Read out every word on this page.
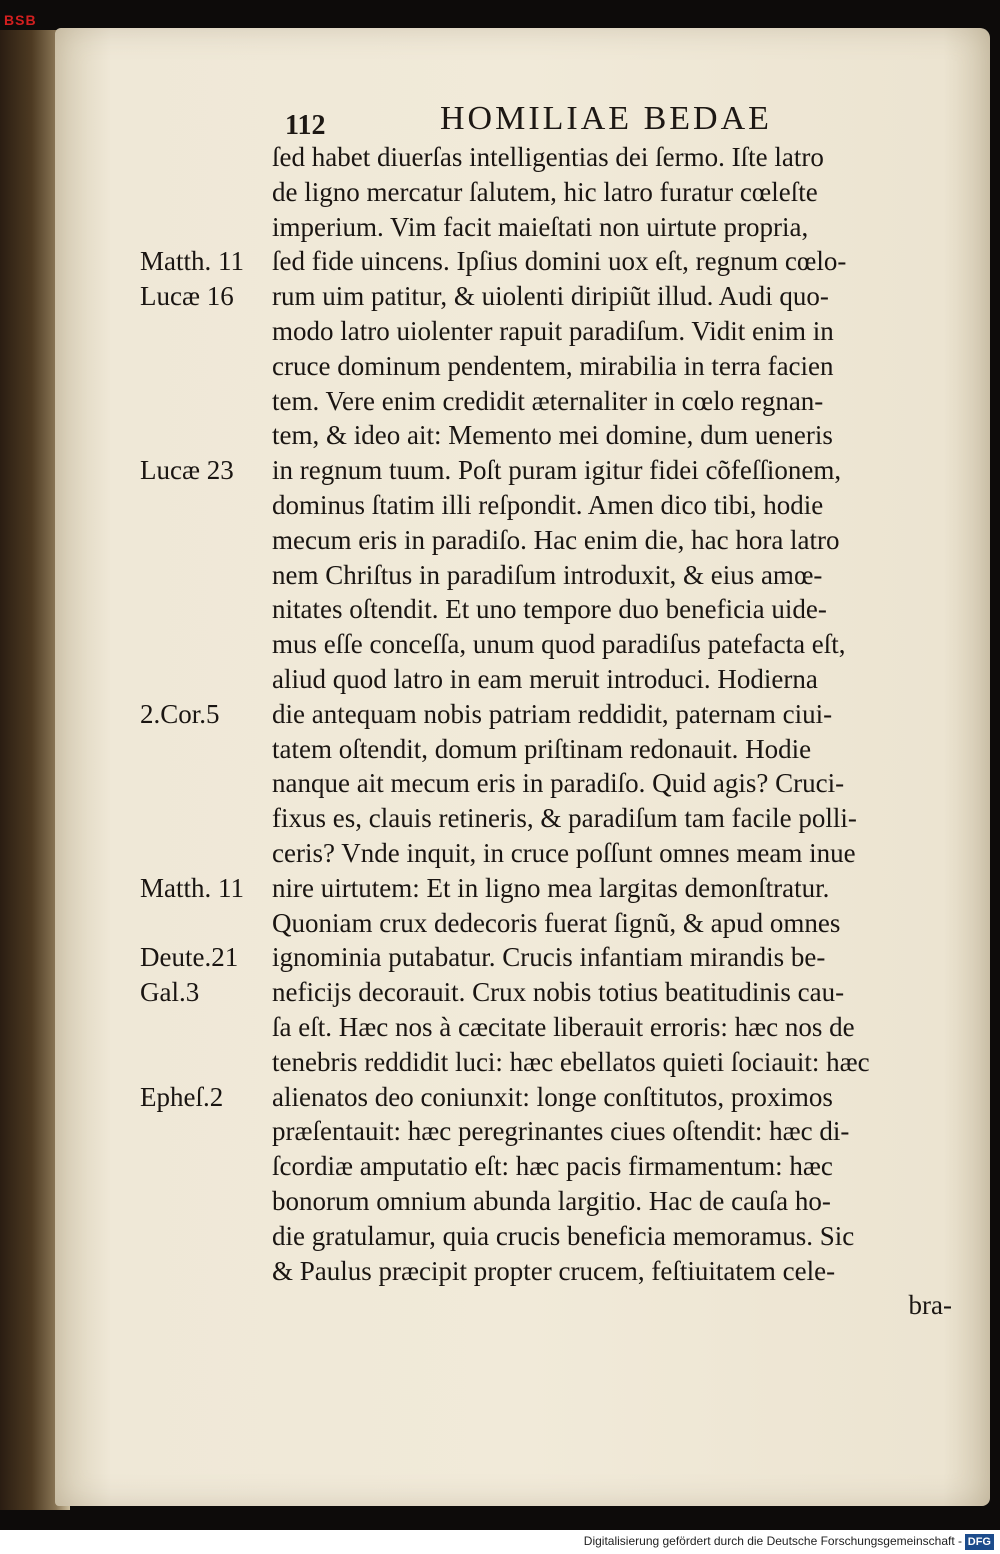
BSB
112	HOMILIAE BEDAE
ſed habet diuerſas intelligentias dei ſermo. Iſte latro
de ligno mercatur ſalutem, hic latro furatur cœleſte
imperium. Vim facit maieſtati non uirtute propria,
ſed fide uincens. Ipſius domini uox eſt, regnum cœlo-
rum uim patitur, & uiolenti diripiũt illud. Audi quo-
modo latro uiolenter rapuit paradiſum. Vidit enim in
cruce dominum pendentem, mirabilia in terra facien
tem. Vere enim credidit æternaliter in cœlo regnan-
tem, & ideo ait: Memento mei domine, dum ueneris
in regnum tuum. Poſt puram igitur fidei cõfeſſionem,
dominus ſtatim illi reſpondit. Amen dico tibi, hodie
mecum eris in paradiſo. Hac enim die, hac hora latro
nem Chriſtus in paradiſum introduxit, & eius amœ-
nitates oſtendit. Et uno tempore duo beneficia uide-
mus eſſe conceſſa, unum quod paradiſus patefacta eſt,
aliud quod latro in eam meruit introduci. Hodierna
die antequam nobis patriam reddidit, paternam ciui-
tatem oſtendit, domum priſtinam redonauit. Hodie
nanque ait mecum eris in paradiſo. Quid agis? Cruci-
fixus es, clauis retineris, & paradiſum tam facile polli-
ceris? Vnde inquit, in cruce poſſunt omnes meam inue
nire uirtutem: Et in ligno mea largitas demonſtratur.
Quoniam crux dedecoris fuerat ſignũ, & apud omnes
ignominia putabatur. Crucis infantiam mirandis be-
neficijs decorauit. Crux nobis totius beatitudinis cau-
ſa eſt. Hæc nos à cæcitate liberauit erroris: hæc nos de
tenebris reddidit luci: hæc ebellatos quieti ſociauit: hæc
alienatos deo coniunxit: longe conſtitutos, proximos
præſentauit: hæc peregrinantes ciues oſtendit: hæc di-
ſcordiæ amputatio eſt: hæc pacis firmamentum: hæc
bonorum omnium abunda largitio. Hac de cauſa ho-
die gratulamur, quia crucis beneficia memoramus. Sic
& Paulus præcipit propter crucem, feſtiuitatem cele-
bra-
Matth. 11
Lucæ 16
Lucæ 23
2.Cor.5
Matth. 11
Deute.21
Gal.3
Epheſ.2
Digitalisierung gefördert durch die Deutsche Forschungsgemeinschaft - DFG
